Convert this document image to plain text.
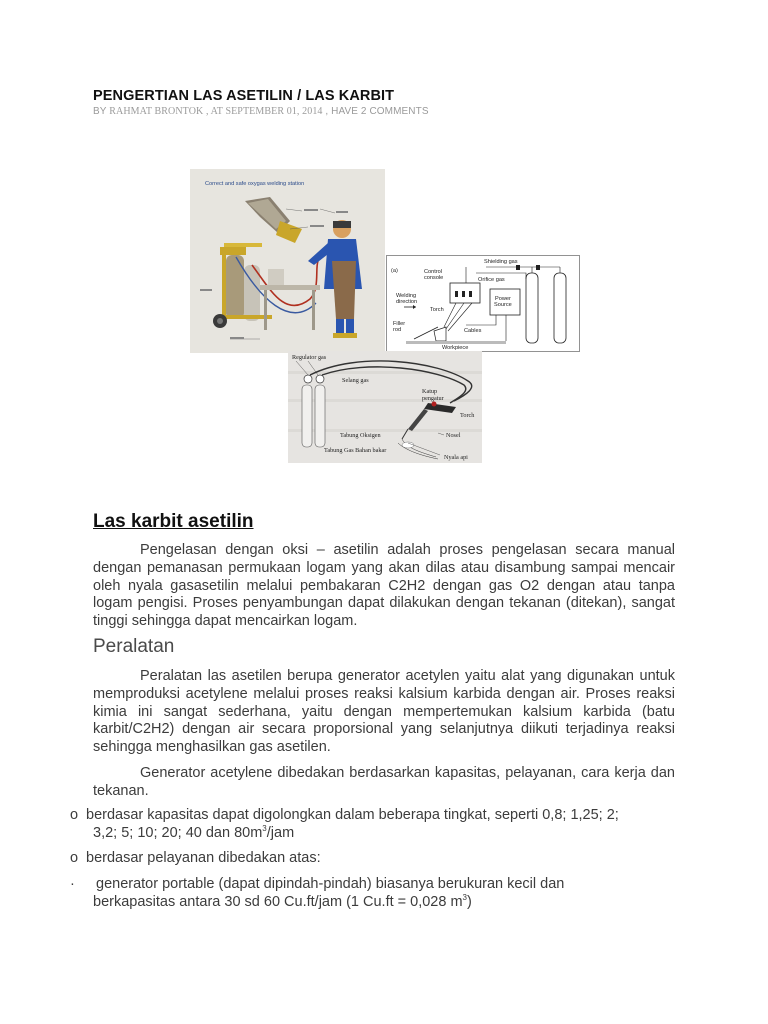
PENGERTIAN LAS ASETILIN / LAS KARBIT
BY RAHMAT BRONTOK , AT SEPTEMBER 01, 2014 , HAVE 2 COMMENTS
Correct and safe oxygas welding station
(a)
Shielding gas
Control
console	Orifice gas
Welding
direction
Torch
Power
Source
Filler
rod	Cables
Workpiece
Regulator gas
Selang gas
Katup
pengatur
Torch
Tabung Oksigen	Nosel
Tabung Gas Bahan bakar
Nyala api
Las karbit asetilin

Pengelasan dengan oksi – asetilin adalah proses pengelasan secara manual dengan pemanasan permukaan logam yang akan dilas atau disambung sampai mencair oleh nyala gasasetilin melalui pembakaran C2H2 dengan gas O2 dengan atau tanpa logam pengisi. Proses penyambungan dapat dilakukan dengan tekanan (ditekan), sangat tinggi sehingga dapat mencairkan logam.

Peralatan

Peralatan las asetilen berupa generator acetylen yaitu alat yang digunakan untuk memproduksi acetylene melalui proses reaksi kalsium karbida dengan air. Proses reaksi kimia ini sangat sederhana, yaitu dengan mempertemukan kalsium karbida (batu karbit/C2H2) dengan air secara proporsional yang selanjutnya diikuti terjadinya reaksi sehingga menghasilkan gas asetilen.

Generator acetylene dibedakan berdasarkan kapasitas, pelayanan, cara kerja dan tekanan.

o berdasar kapasitas dapat digolongkan dalam beberapa tingkat, seperti 0,8; 1,25; 2;
3,2; 5; 10; 20; 40 dan $80m^3$/jam
o berdasar pelayanan dibedakan atas:
·	generator portable (dapat dipindah-pindah) biasanya berukuran kecil dan
berkapasitas antara 30 sd 60 Cu.ft/jam (1 Cu.ft = 0,028 $m^3$)
